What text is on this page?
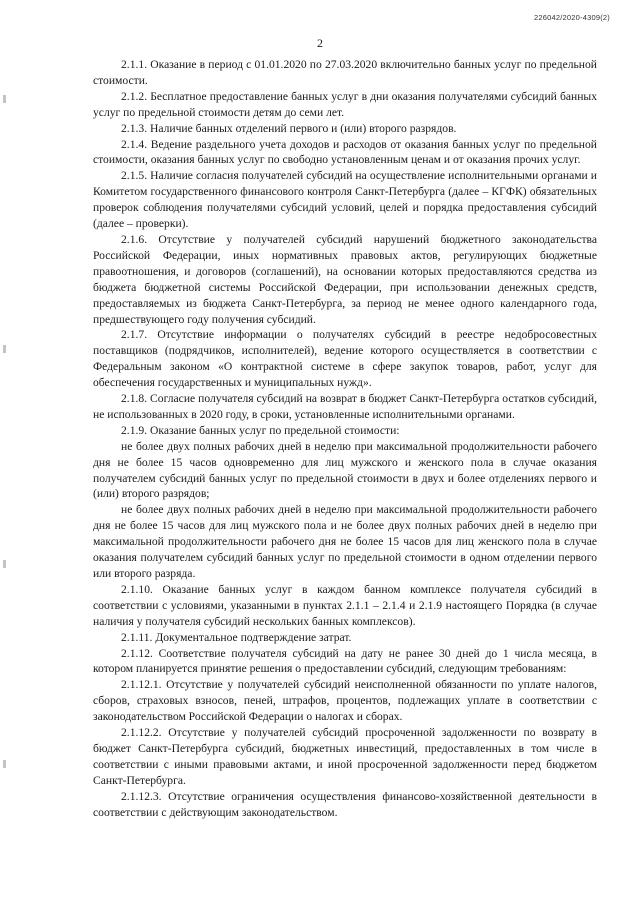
226042/2020-4309(2)
2

2.1.1. Оказание в период с 01.01.2020 по 27.03.2020 включительно банных услуг по предельной стоимости.

2.1.2. Бесплатное предоставление банных услуг в дни оказания получателями субсидий банных услуг по предельной стоимости детям до семи лет.

2.1.3. Наличие банных отделений первого и (или) второго разрядов.

2.1.4. Ведение раздельного учета доходов и расходов от оказания банных услуг по предельной стоимости, оказания банных услуг по свободно установленным ценам и от оказания прочих услуг.

2.1.5. Наличие согласия получателей субсидий на осуществление исполнительными органами и Комитетом государственного финансового контроля Санкт-Петербурга (далее – КГФК) обязательных проверок соблюдения получателями субсидий условий, целей и порядка предоставления субсидий (далее – проверки).

2.1.6. Отсутствие у получателей субсидий нарушений бюджетного законодательства Российской Федерации, иных нормативных правовых актов, регулирующих бюджетные правоотношения, и договоров (соглашений), на основании которых предоставляются средства из бюджета бюджетной системы Российской Федерации, при использовании денежных средств, предоставляемых из бюджета Санкт-Петербурга, за период не менее одного календарного года, предшествующего году получения субсидий.

2.1.7. Отсутствие информации о получателях субсидий в реестре недобросовестных поставщиков (подрядчиков, исполнителей), ведение которого осуществляется в соответствии с Федеральным законом «О контрактной системе в сфере закупок товаров, работ, услуг для обеспечения государственных и муниципальных нужд».

2.1.8. Согласие получателя субсидий на возврат в бюджет Санкт-Петербурга остатков субсидий, не использованных в 2020 году, в сроки, установленные исполнительными органами.

2.1.9. Оказание банных услуг по предельной стоимости:

не более двух полных рабочих дней в неделю при максимальной продолжительности рабочего дня не более 15 часов одновременно для лиц мужского и женского пола в случае оказания получателем субсидий банных услуг по предельной стоимости в двух и более отделениях первого и (или) второго разрядов;

не более двух полных рабочих дней в неделю при максимальной продолжительности рабочего дня не более 15 часов для лиц мужского пола и не более двух полных рабочих дней в неделю при максимальной продолжительности рабочего дня не более 15 часов для лиц женского пола в случае оказания получателем субсидий банных услуг по предельной стоимости в одном отделении первого или второго разряда.

2.1.10. Оказание банных услуг в каждом банном комплексе получателя субсидий в соответствии с условиями, указанными в пунктах 2.1.1 – 2.1.4 и 2.1.9 настоящего Порядка (в случае наличия у получателя субсидий нескольких банных комплексов).

2.1.11. Документальное подтверждение затрат.

2.1.12. Соответствие получателя субсидий на дату не ранее 30 дней до 1 числа месяца, в котором планируется принятие решения о предоставлении субсидий, следующим требованиям:

2.1.12.1. Отсутствие у получателей субсидий неисполненной обязанности по уплате налогов, сборов, страховых взносов, пеней, штрафов, процентов, подлежащих уплате в соответствии с законодательством Российской Федерации о налогах и сборах.

2.1.12.2. Отсутствие у получателей субсидий просроченной задолженности по возврату в бюджет Санкт-Петербурга субсидий, бюджетных инвестиций, предоставленных в том числе в соответствии с иными правовыми актами, и иной просроченной задолженности перед бюджетом Санкт-Петербурга.

2.1.12.3. Отсутствие ограничения осуществления финансово-хозяйственной деятельности в соответствии с действующим законодательством.
